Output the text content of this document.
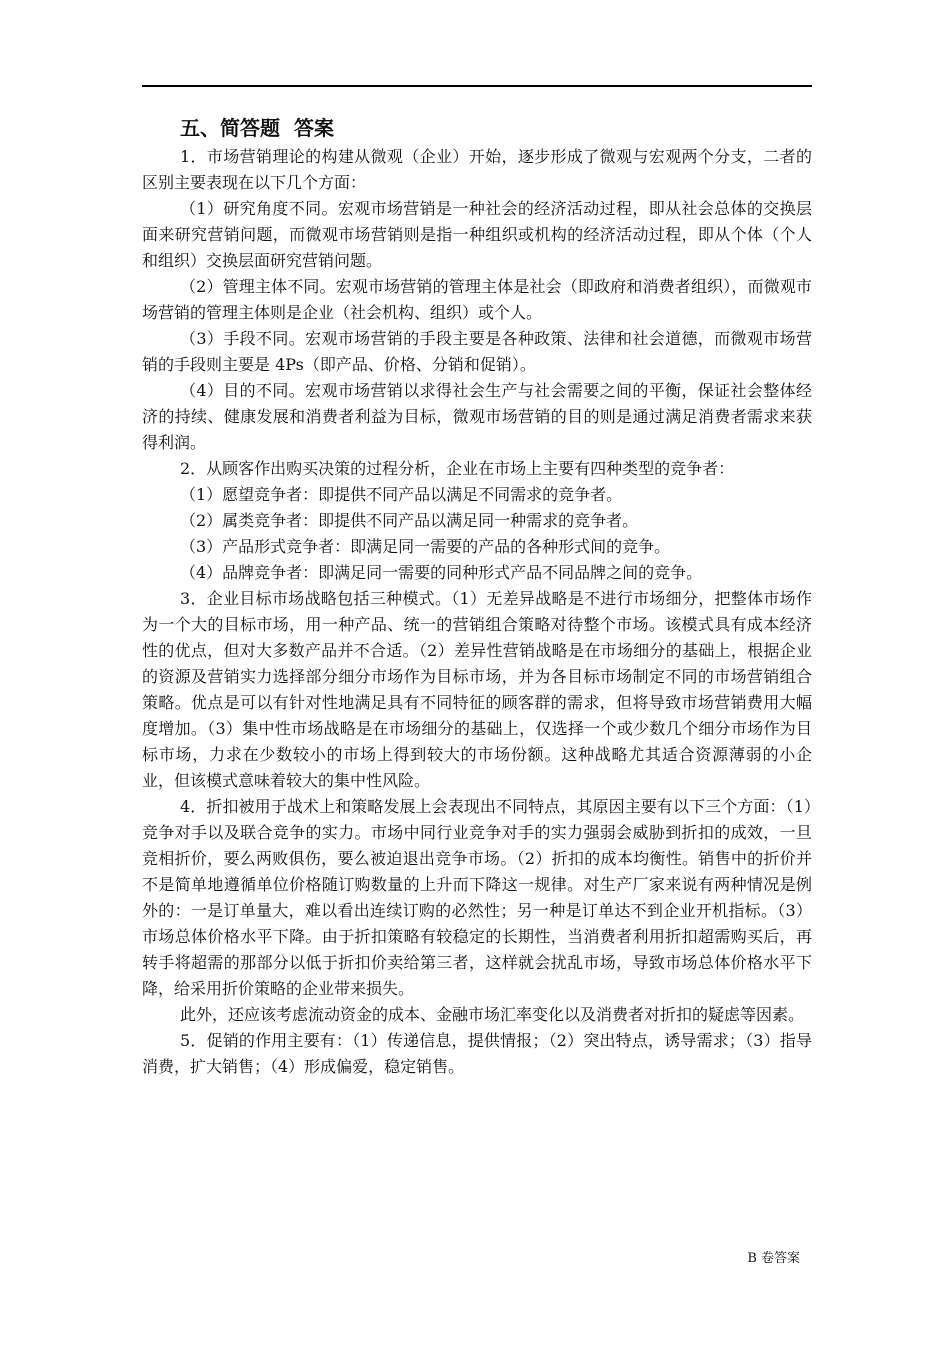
五、简答题 答案

1．市场营销理论的构建从微观（企业）开始，逐步形成了微观与宏观两个分支，二者的区别主要表现在以下几个方面：

（1）研究角度不同。宏观市场营销是一种社会的经济活动过程，即从社会总体的交换层面来研究营销问题，而微观市场营销则是指一种组织或机构的经济活动过程，即从个体（个人和组织）交换层面研究营销问题。

（2）管理主体不同。宏观市场营销的管理主体是社会（即政府和消费者组织），而微观市场营销的管理主体则是企业（社会机构、组织）或个人。

（3）手段不同。宏观市场营销的手段主要是各种政策、法律和社会道德，而微观市场营销的手段则主要是 4Ps（即产品、价格、分销和促销）。

（4）目的不同。宏观市场营销以求得社会生产与社会需要之间的平衡，保证社会整体经济的持续、健康发展和消费者利益为目标，微观市场营销的目的则是通过满足消费者需求来获得利润。

2．从顾客作出购买决策的过程分析，企业在市场上主要有四种类型的竞争者：

（1）愿望竞争者：即提供不同产品以满足不同需求的竞争者。

（2）属类竞争者：即提供不同产品以满足同一种需求的竞争者。

（3）产品形式竞争者：即满足同一需要的产品的各种形式间的竞争。

（4）品牌竞争者：即满足同一需要的同种形式产品不同品牌之间的竞争。

3．企业目标市场战略包括三种模式。（1）无差异战略是不进行市场细分，把整体市场作为一个大的目标市场，用一种产品、统一的营销组合策略对待整个市场。该模式具有成本经济性的优点，但对大多数产品并不合适。（2）差异性营销战略是在市场细分的基础上，根据企业的资源及营销实力选择部分细分市场作为目标市场，并为各目标市场制定不同的市场营销组合策略。优点是可以有针对性地满足具有不同特征的顾客群的需求，但将导致市场营销费用大幅度增加。（3）集中性市场战略是在市场细分的基础上，仅选择一个或少数几个细分市场作为目标市场，力求在少数较小的市场上得到较大的市场份额。这种战略尤其适合资源薄弱的小企业，但该模式意味着较大的集中性风险。

4．折扣被用于战术上和策略发展上会表现出不同特点，其原因主要有以下三个方面：（1）竞争对手以及联合竞争的实力。市场中同行业竞争对手的实力强弱会威胁到折扣的成效，一旦竞相折价，要么两败俱伤，要么被迫退出竞争市场。（2）折扣的成本均衡性。销售中的折价并不是简单地遵循单位价格随订购数量的上升而下降这一规律。对生产厂家来说有两种情况是例外的：一是订单量大，难以看出连续订购的必然性；另一种是订单达不到企业开机指标。（3）市场总体价格水平下降。由于折扣策略有较稳定的长期性，当消费者利用折扣超需购买后，再转手将超需的那部分以低于折扣价卖给第三者，这样就会扰乱市场，导致市场总体价格水平下降，给采用折价策略的企业带来损失。

此外，还应该考虑流动资金的成本、金融市场汇率变化以及消费者对折扣的疑虑等因素。

5．促销的作用主要有：（1）传递信息，提供情报；（2）突出特点，诱导需求；（3）指导消费，扩大销售；（4）形成偏爱，稳定销售。

B 卷答案
